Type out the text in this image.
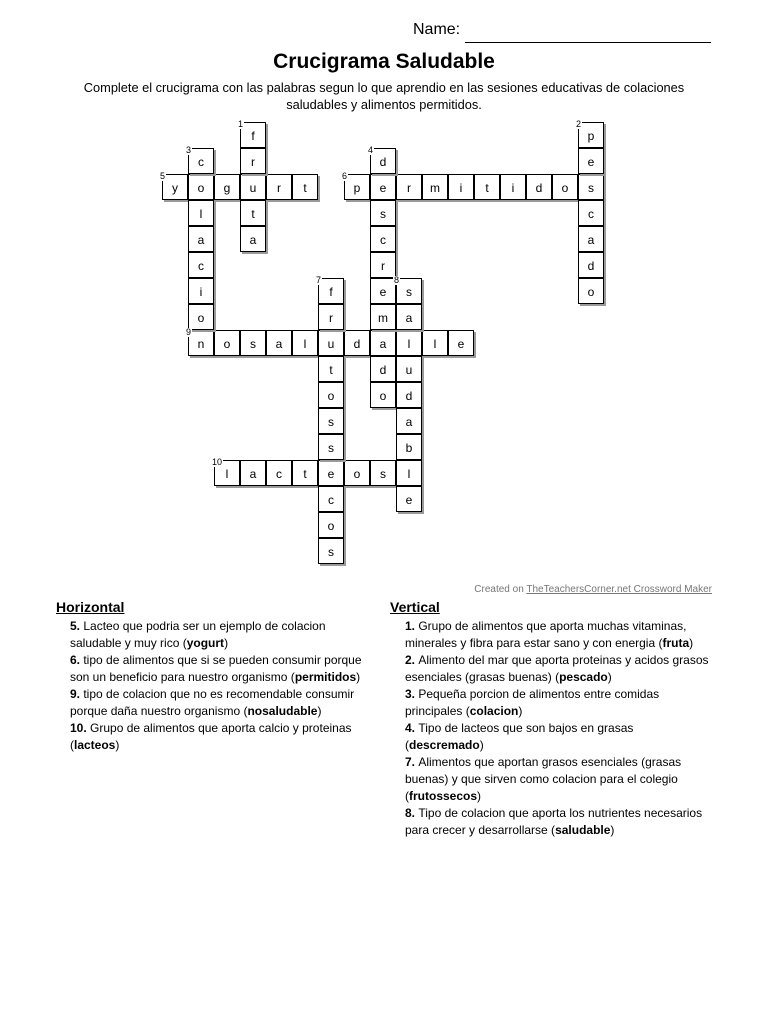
Name:
Crucigrama Saludable
Complete el crucigrama con las palabras segun lo que aprendio en las sesiones educativas de colaciones saludables y alimentos permitidos.
y	o	g	u	r	t	p	e	r	m	i	t	i	d	o	s
n	o	s	a	l	u	d	a	l	l	e
l	a	c	t	e	o	s
f
r
t
a
p
e
c
a
d
o
c
l
a
c
i
o
d
s
c
r
e
m
d
o
f
r
t
o
s
s
c
o
s
s
a
u
d
a
b
l
e
5	6
9
10
1	2
3	4
7	8
Created on TheTeachersCorner.net Crossword Maker
Horizontal

5. Lacteo que podria ser un ejemplo de colacion saludable y muy rico (yogurt)

6. tipo de alimentos que si se pueden consumir porque son un beneficio para nuestro organismo (permitidos)

9. tipo de colacion que no es recomendable consumir porque daña nuestro organismo (nosaludable)

10. Grupo de alimentos que aporta calcio y proteinas (lacteos)

Vertical

1. Grupo de alimentos que aporta muchas vitaminas, minerales y fibra para estar sano y con energia (fruta)

2. Alimento del mar que aporta proteinas y acidos grasos esenciales (grasas buenas) (pescado)

3. Pequeña porcion de alimentos entre comidas principales (colacion)

4. Tipo de lacteos que son bajos en grasas (descremado)

7. Alimentos que aportan grasos esenciales (grasas buenas) y que sirven como colacion para el colegio (frutossecos)

8. Tipo de colacion que aporta los nutrientes necesarios para crecer y desarrollarse (saludable)
